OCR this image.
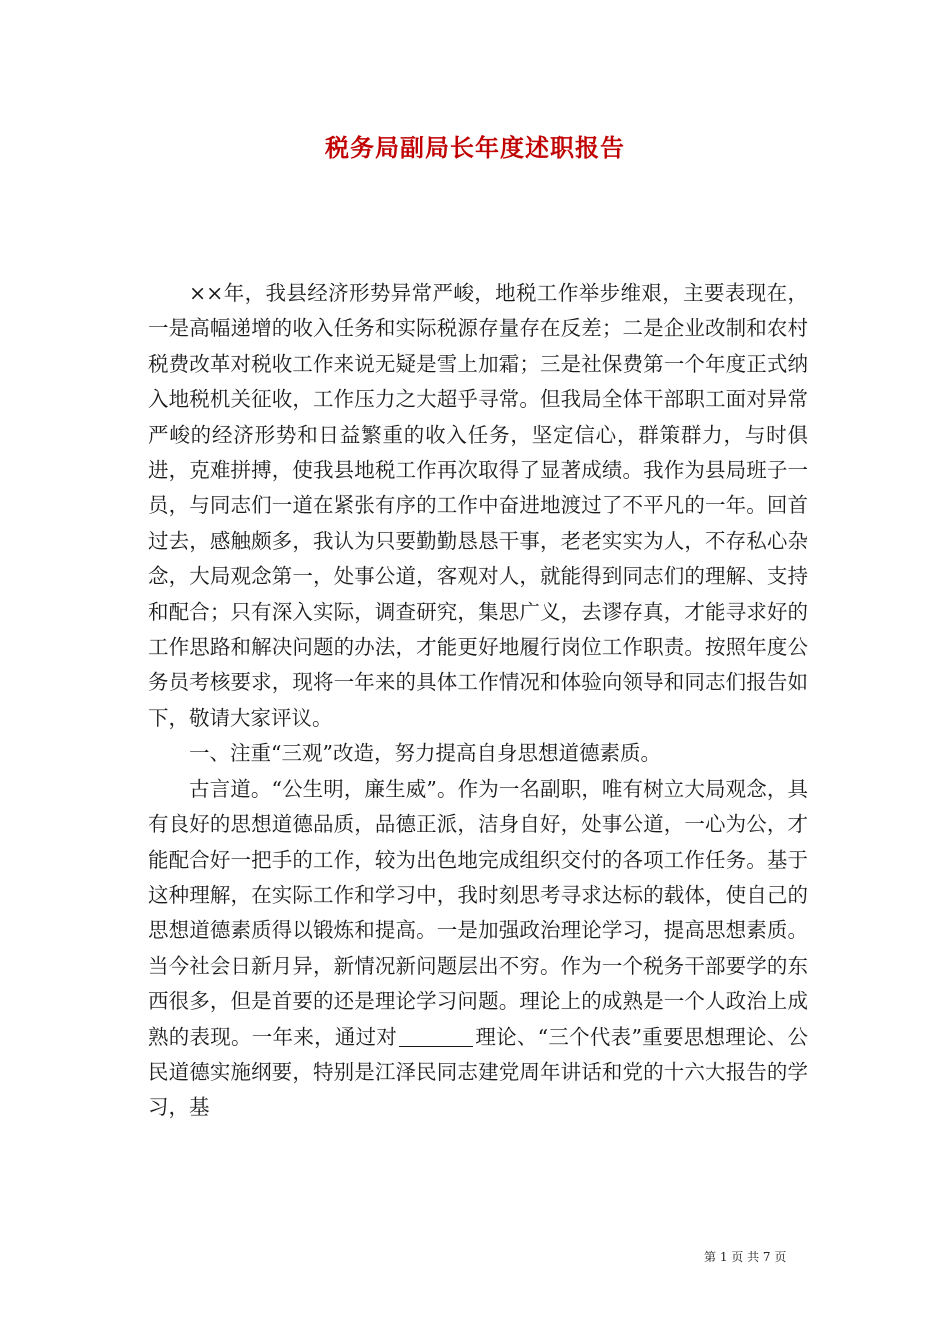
税务局副局长年度述职报告

××年，我县经济形势异常严峻，地税工作举步维艰，主要表现在，一是高幅递增的收入任务和实际税源存量存在反差；二是企业改制和农村税费改革对税收工作来说无疑是雪上加霜；三是社保费第一个年度正式纳入地税机关征收，工作压力之大超乎寻常。但我局全体干部职工面对异常严峻的经济形势和日益繁重的收入任务，坚定信心，群策群力，与时俱进，克难拼搏，使我县地税工作再次取得了显著成绩。我作为县局班子一员，与同志们一道在紧张有序的工作中奋进地渡过了不平凡的一年。回首过去，感触颇多，我认为只要勤勤恳恳干事，老老实实为人，不存私心杂念，大局观念第一，处事公道，客观对人，就能得到同志们的理解、支持和配合；只有深入实际，调查研究，集思广义，去谬存真，才能寻求好的工作思路和解决问题的办法，才能更好地履行岗位工作职责。按照年度公务员考核要求，现将一年来的具体工作情况和体验向领导和同志们报告如下，敬请大家评议。

一、注重“三观”改造，努力提高自身思想道德素质。

古言道。“公生明，廉生威”。作为一名副职，唯有树立大局观念，具有良好的思想道德品质，品德正派，洁身自好，处事公道，一心为公，才能配合好一把手的工作，较为出色地完成组织交付的各项工作任务。基于这种理解，在实际工作和学习中，我时刻思考寻求达标的载体，使自己的思想道德素质得以锻炼和提高。一是加强政治理论学习，提高思想素质。当今社会日新月异，新情况新问题层出不穷。作为一个税务干部要学的东西很多，但是首要的还是理论学习问题。理论上的成熟是一个人政治上成熟的表现。一年来，通过对	理论、“三个代表”重要思想理论、公民道德实施纲要，特别是江泽民同志建党周年讲话和党的十六大报告的学习，基

第 1 页 共 7 页
